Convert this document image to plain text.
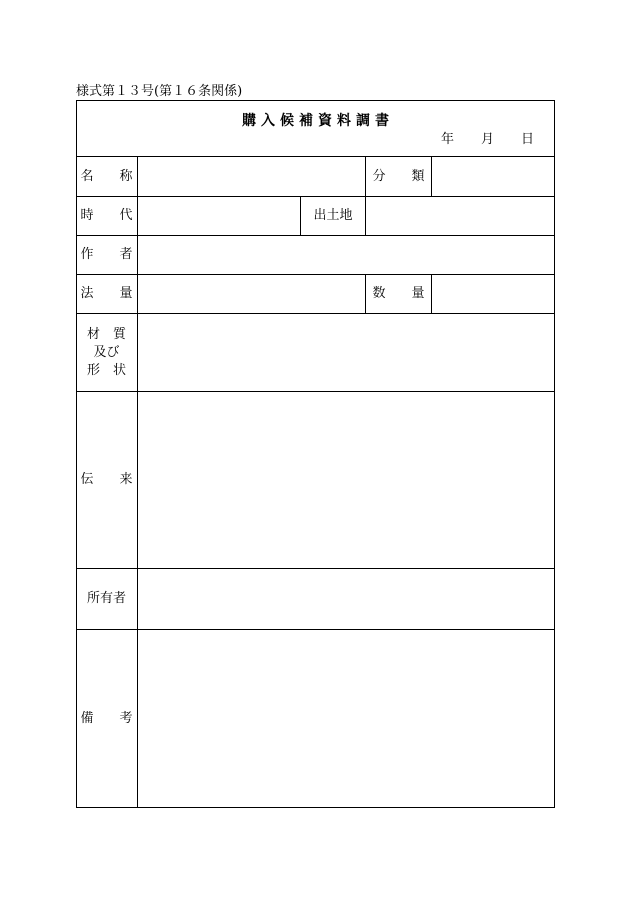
様式第１３号(第１６条関係)
購入候補資料調書
年 月 日
名　　称	分　　類
時　　代	出土地
作　　者
法　　量	数　　量
材　質
及び
形　状
伝　　来
所有者
備　　考
